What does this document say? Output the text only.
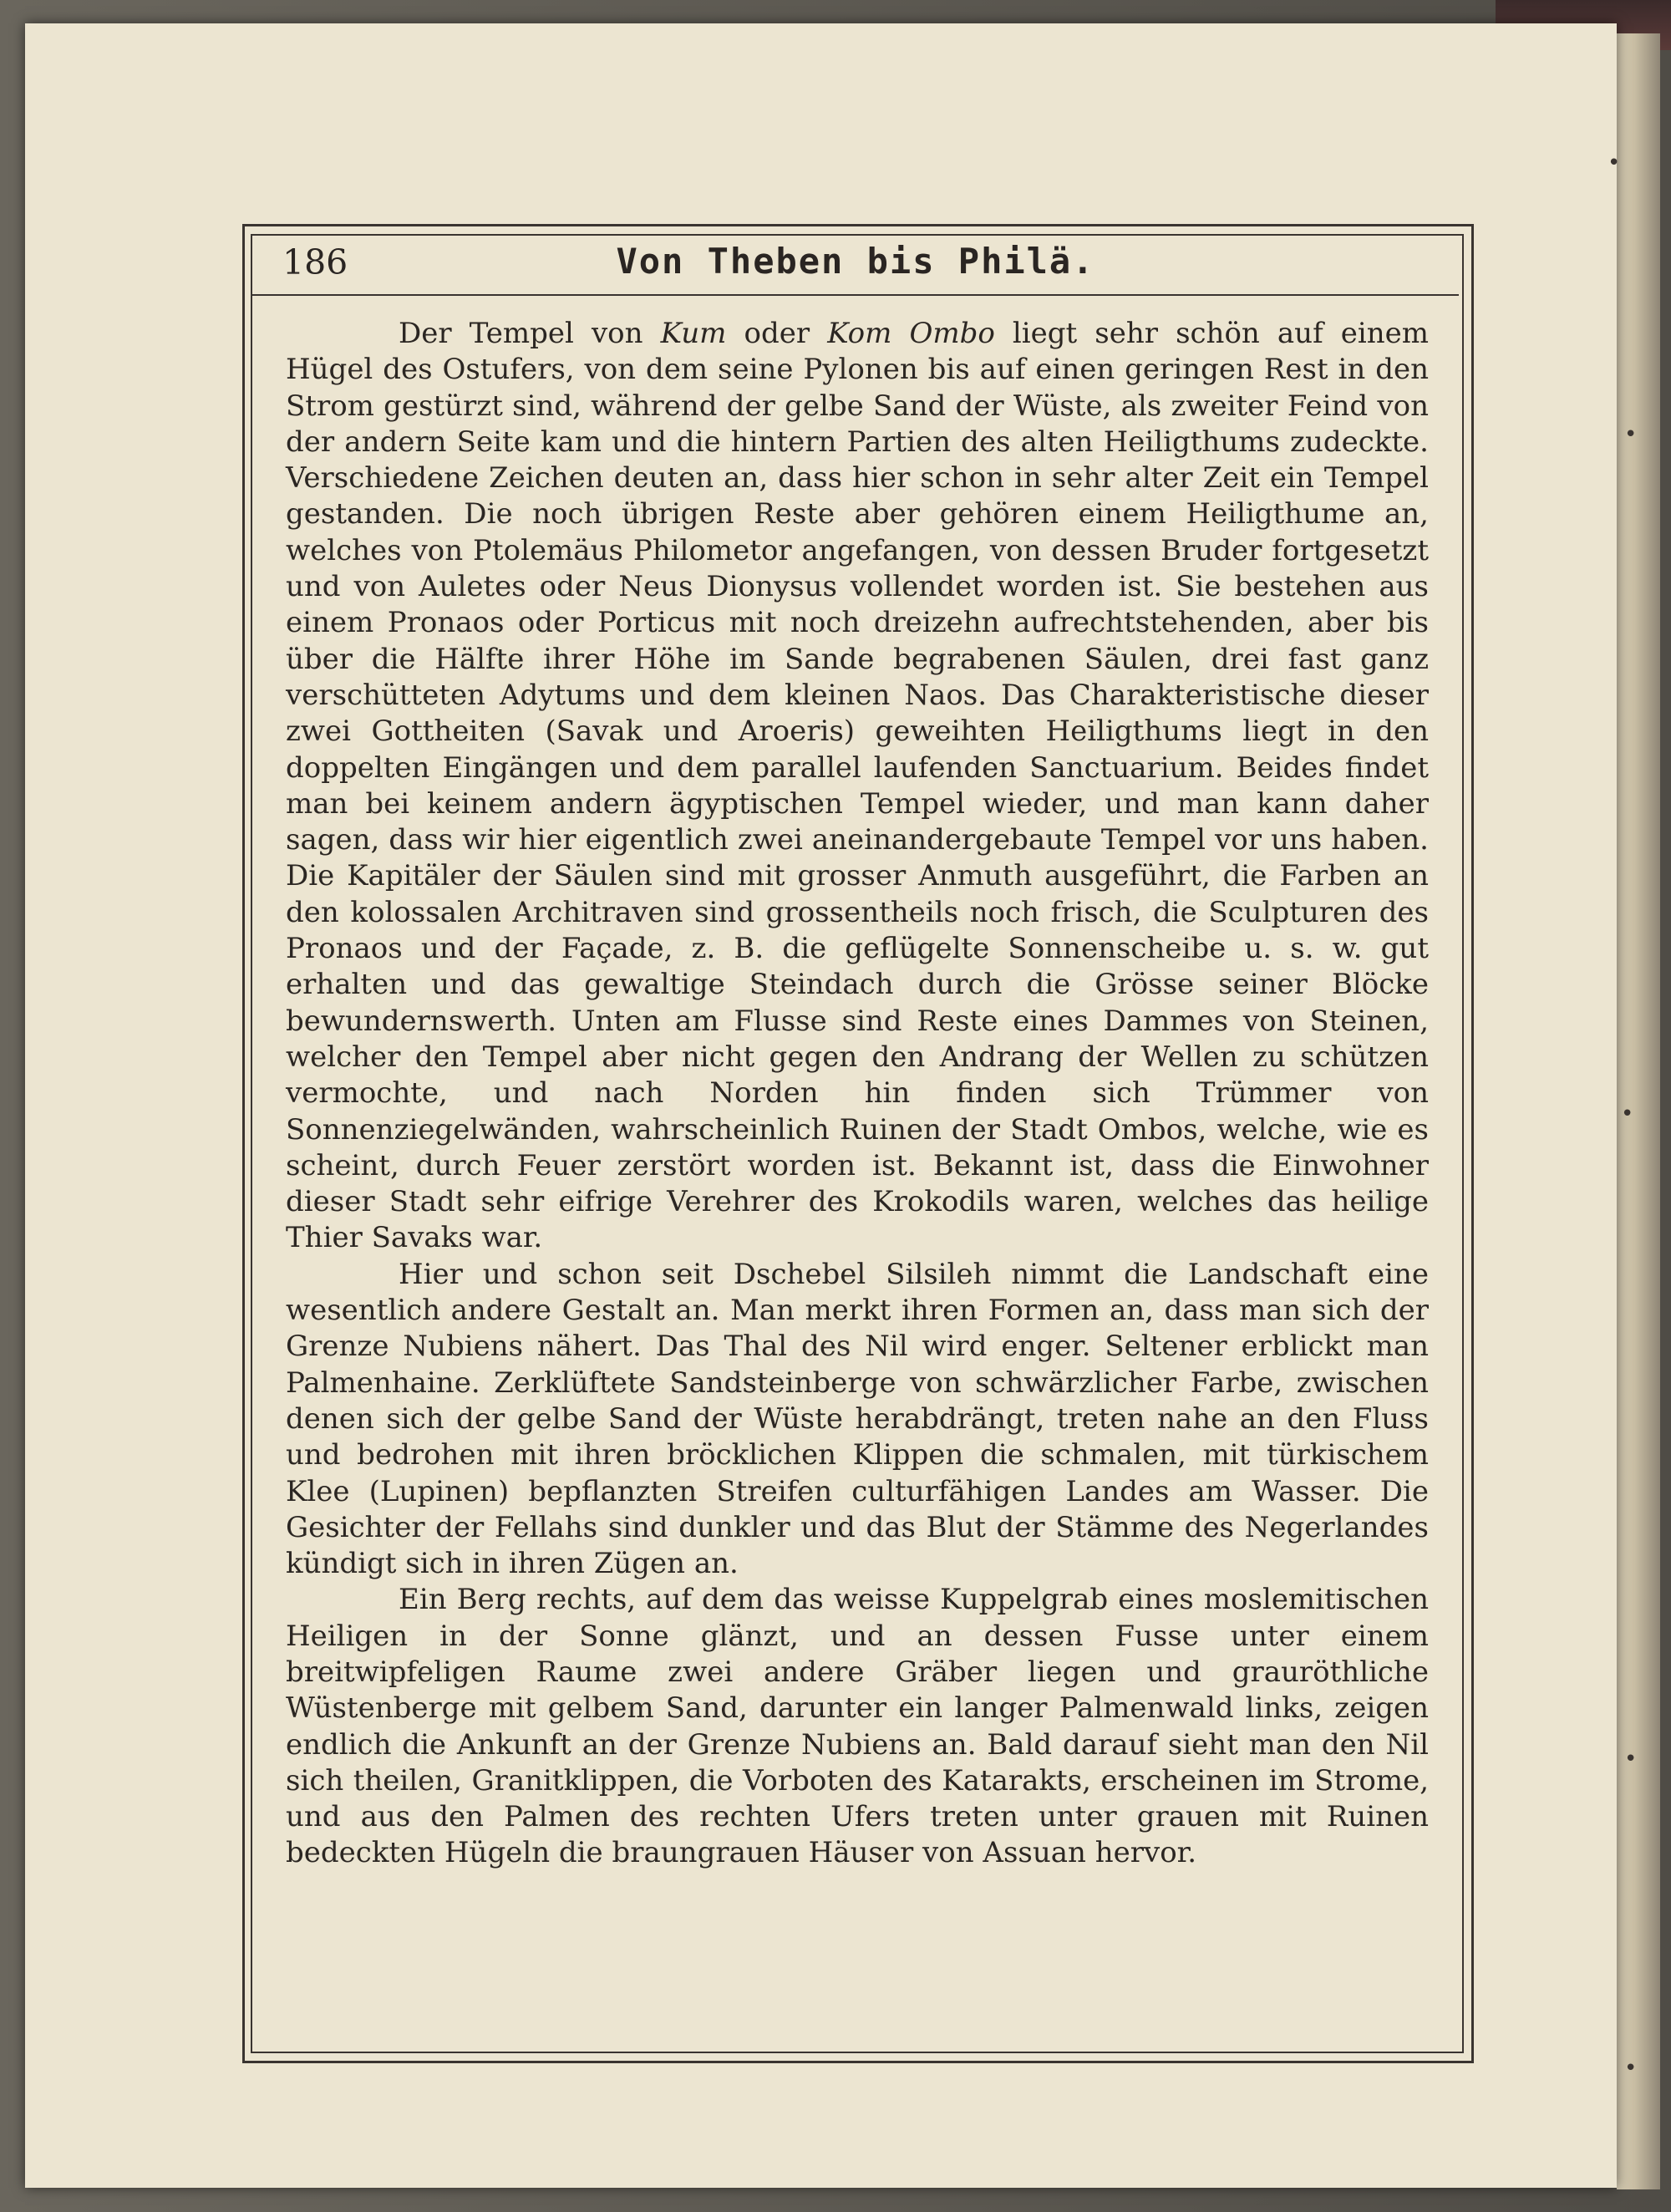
186	Von Theben bis Philä.

Der Tempel von Kum oder Kom Ombo liegt sehr schön auf einem Hügel des Ostufers, von dem seine Pylonen bis auf einen geringen Rest in den Strom gestürzt sind, während der gelbe Sand der Wüste, als zweiter Feind von der andern Seite kam und die hintern Partien des alten Heiligthums zudeckte. Verschiedene Zeichen deuten an, dass hier schon in sehr alter Zeit ein Tempel gestanden. Die noch übrigen Reste aber gehören einem Heiligthume an, welches von Ptolemäus Philometor angefangen, von dessen Bruder fortgesetzt und von Auletes oder Neus Dionysus vollendet worden ist. Sie bestehen aus einem Pronaos oder Porticus mit noch dreizehn aufrechtstehenden, aber bis über die Hälfte ihrer Höhe im Sande begrabenen Säulen, drei fast ganz verschütteten Adytums und dem kleinen Naos. Das Charakteristische dieser zwei Gottheiten (Savak und Aroeris) geweihten Heiligthums liegt in den doppelten Eingängen und dem parallel laufenden Sanctuarium. Beides findet man bei keinem andern ägyptischen Tempel wieder, und man kann daher sagen, dass wir hier eigentlich zwei aneinandergebaute Tempel vor uns haben. Die Kapitäler der Säulen sind mit grosser Anmuth ausgeführt, die Farben an den kolossalen Architraven sind grossentheils noch frisch, die Sculpturen des Pronaos und der Façade, z. B. die geflügelte Sonnenscheibe u. s. w. gut erhalten und das gewaltige Steindach durch die Grösse seiner Blöcke bewundernswerth. Unten am Flusse sind Reste eines Dammes von Steinen, welcher den Tempel aber nicht gegen den Andrang der Wellen zu schützen vermochte, und nach Norden hin finden sich Trümmer von Sonnenziegelwänden, wahrscheinlich Ruinen der Stadt Ombos, welche, wie es scheint, durch Feuer zerstört worden ist. Bekannt ist, dass die Einwohner dieser Stadt sehr eifrige Verehrer des Krokodils waren, welches das heilige Thier Savaks war.

Hier und schon seit Dschebel Silsileh nimmt die Landschaft eine wesentlich andere Gestalt an. Man merkt ihren Formen an, dass man sich der Grenze Nubiens nähert. Das Thal des Nil wird enger. Seltener erblickt man Palmenhaine. Zerklüftete Sandsteinberge von schwärzlicher Farbe, zwischen denen sich der gelbe Sand der Wüste herabdrängt, treten nahe an den Fluss und bedrohen mit ihren bröcklichen Klippen die schmalen, mit türkischem Klee (Lupinen) bepflanzten Streifen culturfähigen Landes am Wasser. Die Gesichter der Fellahs sind dunkler und das Blut der Stämme des Negerlandes kündigt sich in ihren Zügen an.

Ein Berg rechts, auf dem das weisse Kuppelgrab eines moslemitischen Heiligen in der Sonne glänzt, und an dessen Fusse unter einem breitwipfeligen Raume zwei andere Gräber liegen und grauröthliche Wüstenberge mit gelbem Sand, darunter ein langer Palmenwald links, zeigen endlich die Ankunft an der Grenze Nubiens an. Bald darauf sieht man den Nil sich theilen, Granitklippen, die Vorboten des Katarakts, erscheinen im Strome, und aus den Palmen des rechten Ufers treten unter grauen mit Ruinen bedeckten Hügeln die braungrauen Häuser von Assuan hervor.

•
•
•
•
•
